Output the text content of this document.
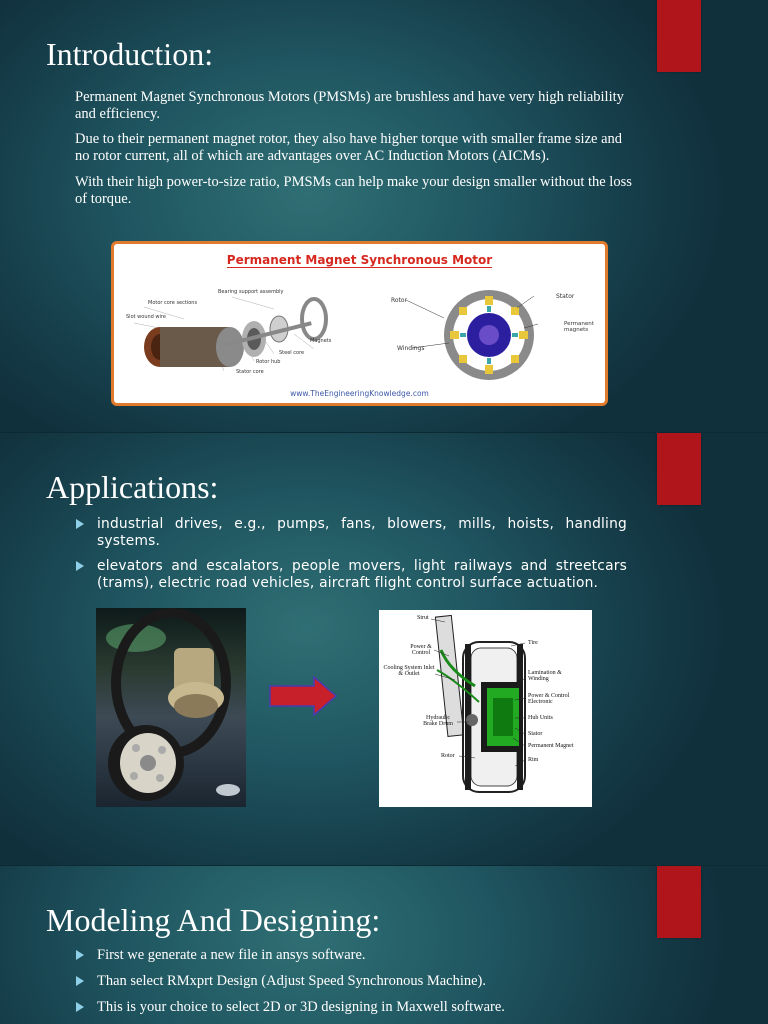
Introduction:

Permanent Magnet Synchronous Motors (PMSMs) are brushless and have very high reliability and efficiency.

Due to their permanent magnet rotor, they also have higher torque with smaller frame size and no rotor current, all of which are advantages over AC Induction Motors (AICMs).

With their high power-to-size ratio, PMSMs can help make your design smaller without the loss of torque.

Permanent Magnet Synchronous Motor
Bearing support assembly
Motor core sections
Slot wound wire
Magnets
Steel core
Rotor hub
Stator core
Rotor
Stator
Permanent magnets
Windings
www.TheEngineeringKnowledge.com
Applications:
industrial drives, e.g., pumps, fans, blowers, mills, hoists, handling systems.
elevators and escalators, people movers, light railways and streetcars (trams), electric road vehicles, aircraft flight control surface actuation.
Strut
Power & Control
Cooling System Inlet & Outlet
Hydraulic Brake Drum
Rotor
Tire
Lamination & Winding
Power & Control Electronic
Hub Units
Stator
Permanent Magnet
Rim
Modeling And Designing:
First we generate a new file in ansys software.
Than select RMxprt Design (Adjust Speed Synchronous Machine).
This is your choice to select 2D or 3D designing in Maxwell software.
